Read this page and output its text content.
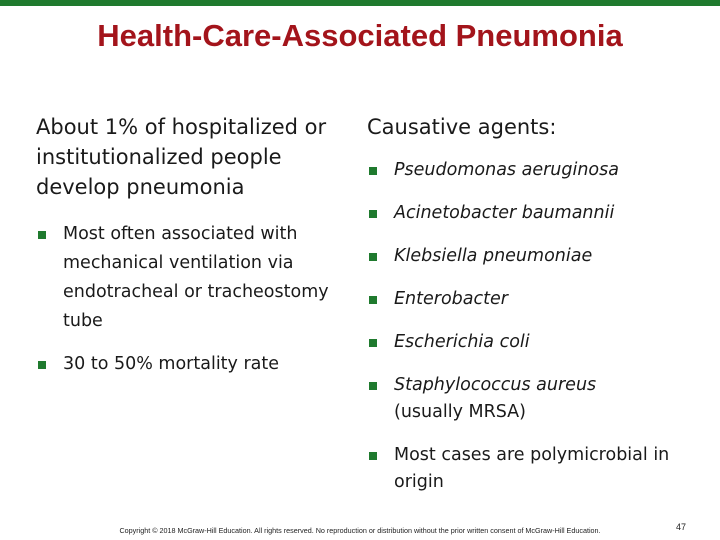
Health-Care-Associated Pneumonia

About 1% of hospitalized or institutionalized people develop pneumonia

Most often associated with mechanical ventilation via endotracheal or tracheostomy tube
30 to 50% mortality rate

Causative agents:

Pseudomonas aeruginosa
Acinetobacter baumannii
Klebsiella pneumoniae
Enterobacter
Escherichia coli
Staphylococcus aureus
(usually MRSA)
Most cases are polymicrobial in origin
Copyright © 2018 McGraw-Hill Education. All rights reserved. No reproduction or distribution without the prior written consent of McGraw-Hill Education.	47
